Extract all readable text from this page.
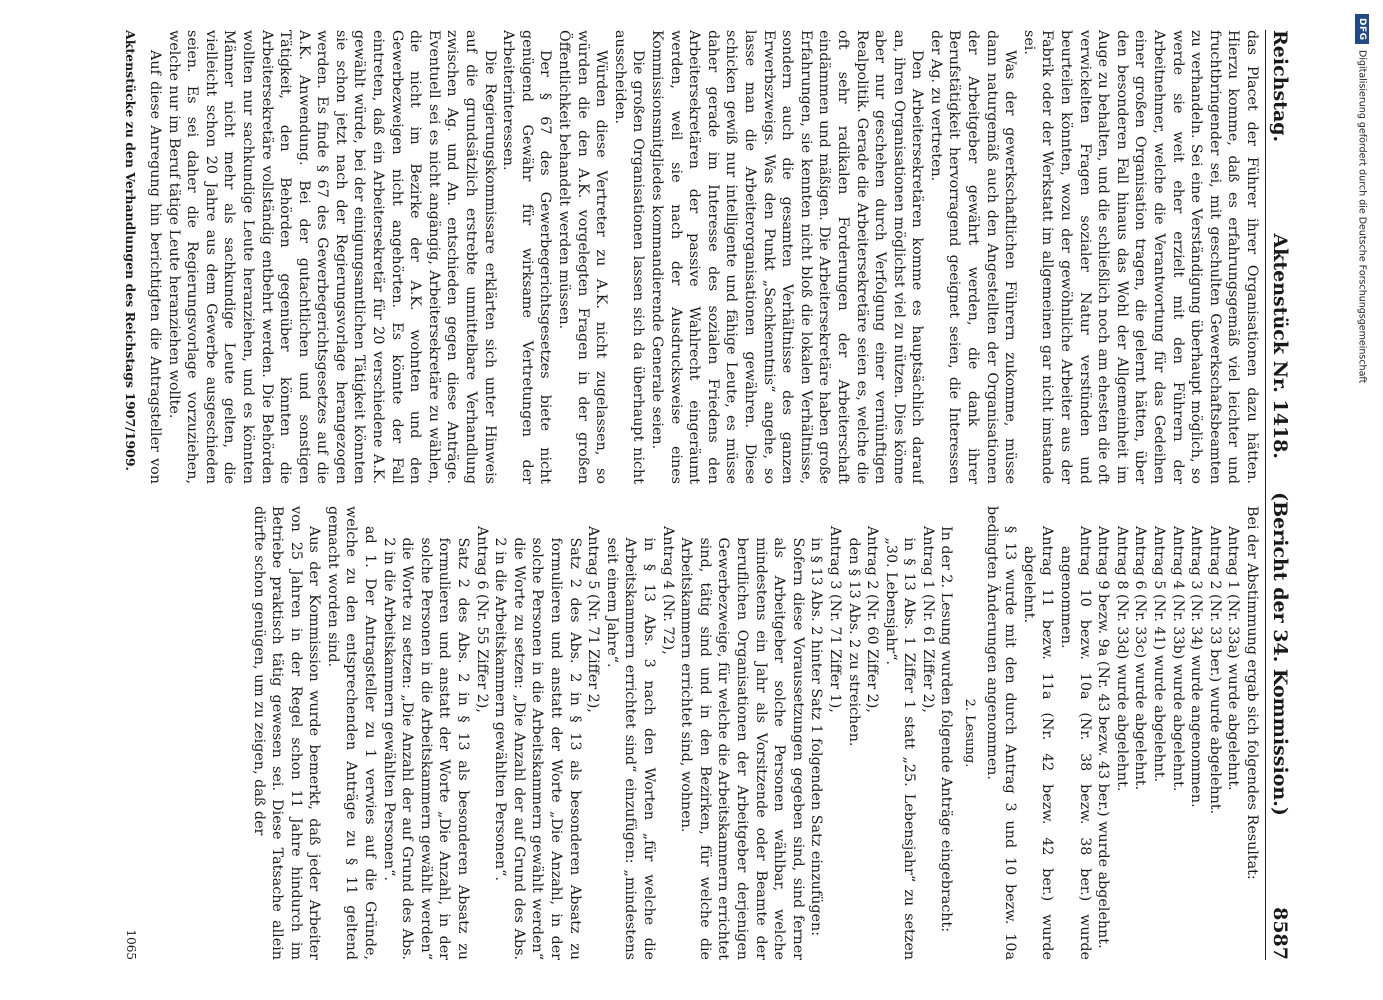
Reichstag.
Aktenstück Nr. 1418.     (Bericht der 34. Kommission.)
8587

das Placet der Führer ihrer Organisationen dazu hätten. Hierzu komme, daß es erfahrungsgemäß viel leichter und fruchtbringender sei, mit geschulten Gewerkschaftsbeamten zu verhandeln. Sei eine Verständigung überhaupt möglich, so werde sie weit eher erzielt mit den Führern der Arbeitnehmer, welche die Verantwortung für das Gedeihen einer großen Organisation tragen, die gelernt hätten, über den besonderen Fall hinaus das Wohl der Allgemeinheit im Auge zu behalten, und die schließlich noch am ehesten die oft verwickelten Fragen sozialer Natur verstünden und beurteilen könnten, wozu der gewöhnliche Arbeiter aus der Fabrik oder der Werkstatt im allgemeinen gar nicht imstande sei.

Was der gewerkschaftlichen Führern zukomme, müsse dann naturgemäß auch den Angestellten der Organisationen der Arbeitgeber gewährt werden, die dank ihrer Berufstätigkeit hervorragend geeignet seien, die Interessen der Ag. zu vertreten.

Den Arbeitersekretären komme es hauptsächlich darauf an, ihren Organisationen möglichst viel zu nützen. Dies könne aber nur geschehen durch Verfolgung einer vernünftigen Realpolitik. Gerade die Arbeitersekretäre seien es, welche die oft sehr radikalen Forderungen der Arbeiterschaft eindämmen und mäßigen. Die Arbeitersekretäre haben große Erfahrungen, sie kennten nicht bloß die lokalen Verhältnisse, sondern auch die gesamten Verhältnisse des ganzen Erwerbszweigs. Was den Punkt „Sachkenntnis“ angehe, so lasse man die Arbeiterorganisationen gewähren. Diese schicken gewiß nur intelligente und fähige Leute, es müsse daher gerade im Interesse des sozialen Friedens den Arbeitersekretären der passive Wahlrecht eingeräumt werden, weil sie nach der Ausdrucksweise eines Kommissionsmitgliedes kommandierende Generale seien.

Die großen Organisationen lassen sich da überhaupt nicht ausscheiden.

Würden diese Vertreter zu A.K. nicht zugelassen, so würden die den A.K. vorgelegten Fragen in der großen Öffentlichkeit behandelt werden müssen.

Der § 67 des Gewerbegerichtsgesetzes biete nicht genügend Gewähr für wirksame Vertretungen der Arbeiterinteressen.

Die Regierungskommissare erklärten sich unter Hinweis auf die grundsätzlich erstrebte unmittelbare Verhandlung zwischen Ag. und An. entschieden gegen diese Anträge. Eventuell sei es nicht angängig, Arbeitersekretäre zu wählen, die nicht im Bezirke der A.K. wohnten und den Gewerbezweigen nicht angehörten. Es könnte der Fall eintreten, daß ein Arbeitersekretär für 20 verschiedene A.K. gewählt würde, bei der einigungsamtlichen Tätigkeit könnten sie schon jetzt nach der Regierungsvorlage herangezogen werden. Es finde § 67 des Gewerbegerichtsgesetzes auf die A.K. Anwendung. Bei der gutachtlichen und sonstigen Tätigkeit, den Behörden gegenüber könnten die Arbeitersekretäre vollständig entbehrt werden. Die Behörden wollten nur sachkundige Leute heranziehen, und es könnten Männer nicht mehr als sachkundige Leute gelten, die vielleicht schon 20 Jahre aus dem Gewerbe ausgeschieden seien. Es sei daher die Regierungsvorlage vorzuziehen, welche nur im Beruf tätige Leute heranziehen wollte.

Auf diese Anregung hin berichtigten die Antragsteller von

Bei der Abstimmung ergab sich folgendes Resultat:

Antrag 1 (Nr. 33a) wurde abgelehnt.

Antrag 2 (Nr. 33 ber.) wurde abgelehnt.

Antrag 3 (Nr. 34) wurde angenommen.

Antrag 4 (Nr. 33b) wurde abgelehnt.

Antrag 5 (Nr. 41) wurde abgelehnt.

Antrag 6 (Nr. 33c) wurde abgelehnt.

Antrag 8 (Nr. 33d) wurde abgelehnt.

Antrag 9 bezw. 9a (Nr. 43 bezw. 43 ber.) wurde abgelehnt.

Antrag 10 bezw. 10a (Nr. 38 bezw. 38 ber.) wurde angenommen.

Antrag 11 bezw. 11a (Nr. 42 bezw. 42 ber.) wurde abgelehnt.

§ 13 wurde mit den durch Antrag 3 und 10 bezw. 10a bedingten Änderungen angenommen.

2. Lesung.

In der 2. Lesung wurden folgende Anträge eingebracht:

Antrag 1 (Nr. 61 Ziffer 2),

in § 13 Abs. 1 Ziffer 1 statt „25. Lebensjahr“ zu setzen „30. Lebensjahr“.

Antrag 2 (Nr. 60 Ziffer 2),

den § 13 Abs. 2 zu streichen.

Antrag 3 (Nr. 71 Ziffer 1),

in § 13 Abs. 2 hinter Satz 1 folgenden Satz einzufügen:

Sofern diese Voraussetzungen gegeben sind, sind ferner als Arbeitgeber solche Personen wählbar, welche mindestens ein Jahr als Vorsitzende oder Beamte der beruflichen Organisationen der Arbeitgeber derjenigen Gewerbezweige, für welche die Arbeitskammern errichtet sind, tätig sind und in den Bezirken, für welche die Arbeitskammern errichtet sind, wohnen.

Antrag 4 (Nr. 72),

in § 13 Abs. 3 nach den Worten „für welche die Arbeitskammern errichtet sind“ einzufügen: „mindestens seit einem Jahre“.

Antrag 5 (Nr. 71 Ziffer 2),

Satz 2 des Abs. 2 in § 13 als besonderen Absatz zu formulieren und anstatt der Worte „Die Anzahl, in der solche Personen in die Arbeitskammern gewählt werden“ die Worte zu setzen: „Die Anzahl der auf Grund des Abs. 2 in die Arbeitskammern gewählten Personen“.

Antrag 6 (Nr. 55 Ziffer 2),

Satz 2 des Abs. 2 in § 13 als besonderen Absatz zu formulieren und anstatt der Worte „Die Anzahl, in der solche Personen in die Arbeitskammern gewählt werden“ die Worte zu setzen: „Die Anzahl der auf Grund des Abs. 2 in die Arbeitskammern gewählten Personen“.

ad 1. Der Antragsteller zu 1 verwies auf die Gründe, welche zu den entsprechenden Anträge zu § 11 geltend gemacht worden sind.

Aus der Kommission wurde bemerkt, daß jeder Arbeiter von 25 Jahren in der Regel schon 11 Jahre hindurch im Betriebe praktisch tätig gewesen sei. Diese Tatsache allein dürfte schon genügen, um zu zeigen, daß der

Aktenstücke zu den Verhandlungen des Reichstags 1907/1909.
1065
DFG
Digitalisierung gefördert durch die Deutsche Forschungsgemeinschaft
